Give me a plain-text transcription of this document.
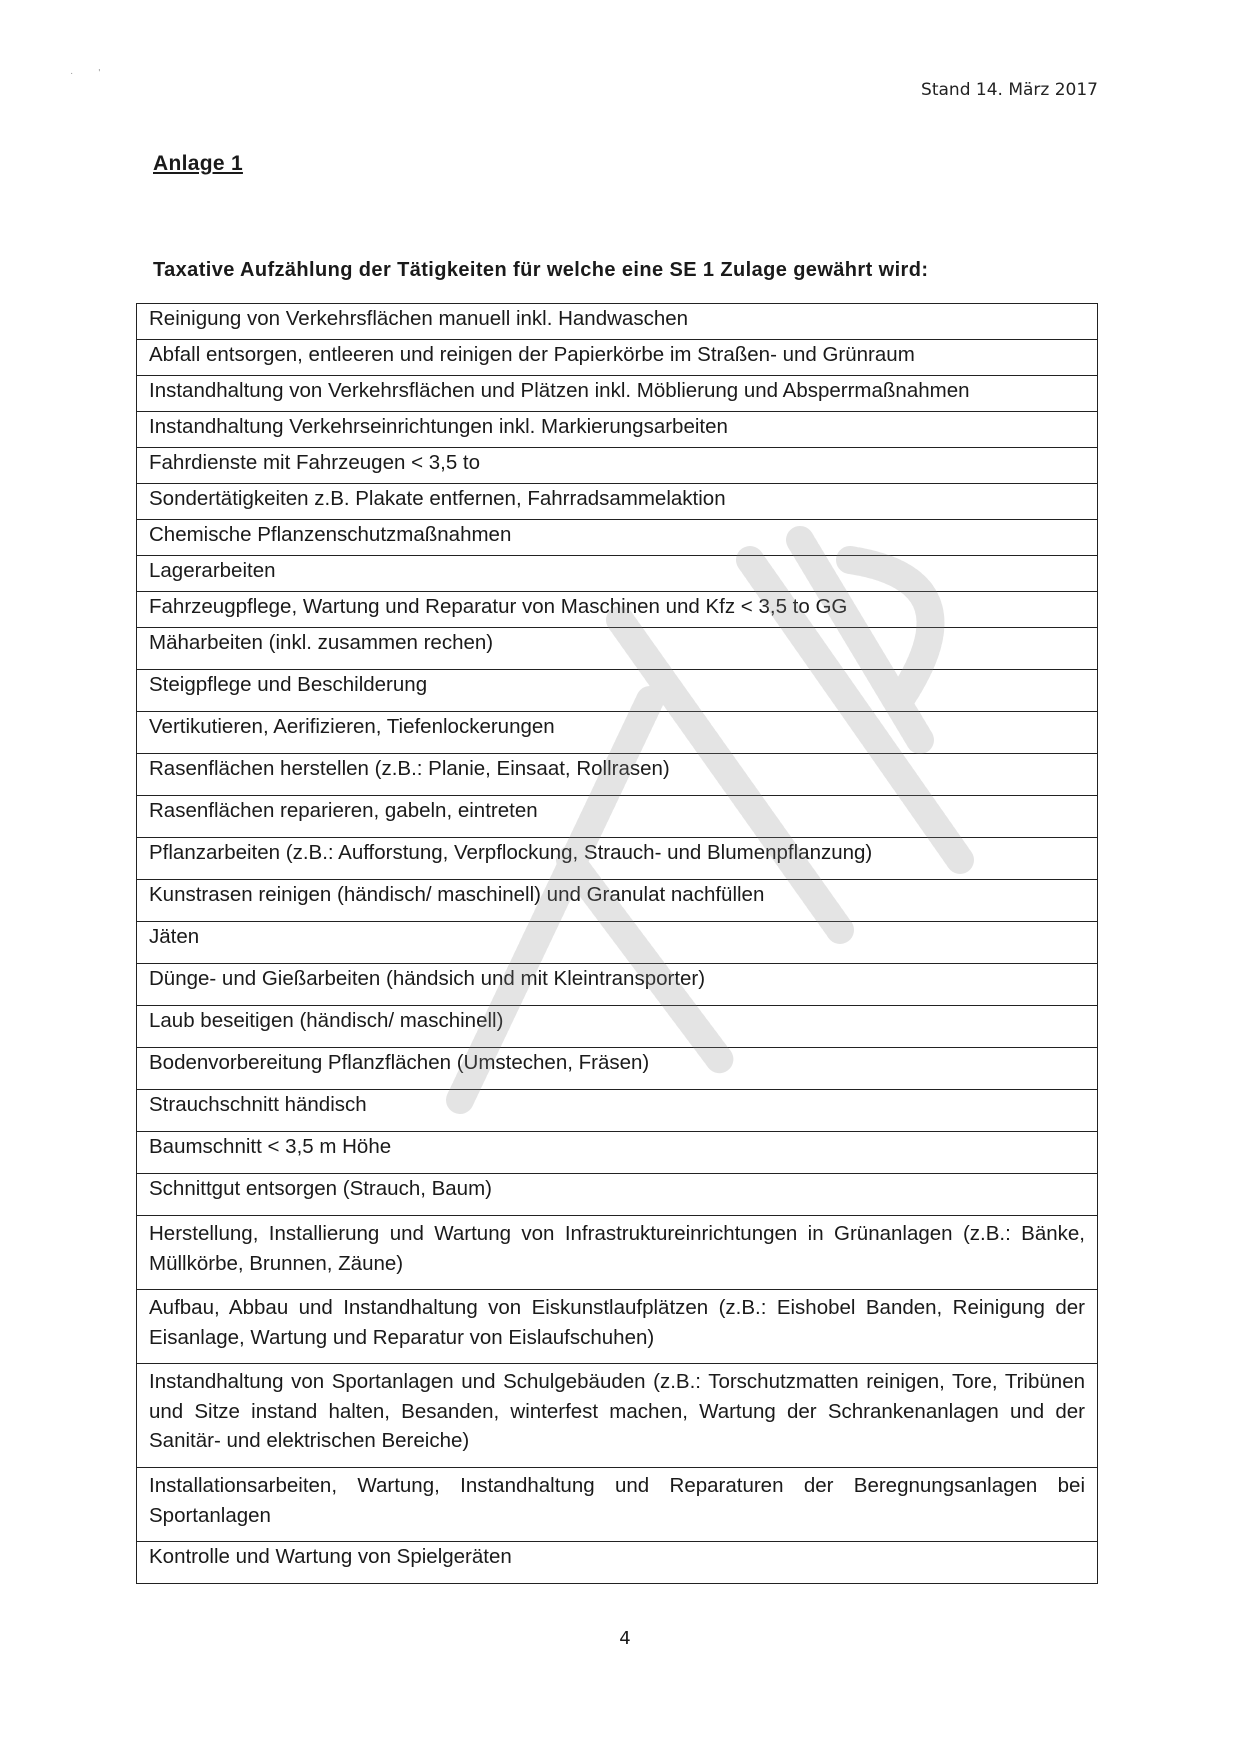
·         '
Stand 14. März 2017
Anlage 1
Taxative Aufzählung der Tätigkeiten für welche eine SE 1 Zulage gewährt wird:
Reinigung von Verkehrsflächen manuell inkl. Handwaschen
Abfall entsorgen, entleeren und reinigen der Papierkörbe im Straßen- und Grünraum
Instandhaltung von Verkehrsflächen und Plätzen inkl. Möblierung und Absperrmaßnahmen
Instandhaltung Verkehrseinrichtungen inkl. Markierungsarbeiten
Fahrdienste mit Fahrzeugen < 3,5 to
Sondertätigkeiten z.B. Plakate entfernen, Fahrradsammelaktion
Chemische Pflanzenschutzmaßnahmen
Lagerarbeiten
Fahrzeugpflege, Wartung und Reparatur von Maschinen und Kfz < 3,5 to GG
Mäharbeiten (inkl. zusammen rechen)
Steigpflege und Beschilderung
Vertikutieren, Aerifizieren, Tiefenlockerungen
Rasenflächen herstellen (z.B.: Planie, Einsaat, Rollrasen)
Rasenflächen reparieren, gabeln, eintreten
Pflanzarbeiten (z.B.: Aufforstung, Verpflockung, Strauch- und Blumenpflanzung)
Kunstrasen reinigen (händisch/ maschinell) und Granulat nachfüllen
Jäten
Dünge- und Gießarbeiten (händsich und mit Kleintransporter)
Laub beseitigen (händisch/ maschinell)
Bodenvorbereitung Pflanzflächen (Umstechen, Fräsen)
Strauchschnitt händisch
Baumschnitt < 3,5 m Höhe
Schnittgut entsorgen (Strauch, Baum)
Herstellung, Installierung und Wartung von Infrastruktureinrichtungen in Grünanlagen (z.B.: Bänke, Müllkörbe, Brunnen, Zäune)
Aufbau, Abbau und Instandhaltung von Eiskunstlaufplätzen (z.B.: Eishobel Banden, Reinigung der Eisanlage, Wartung und Reparatur von Eislaufschuhen)
Instandhaltung von Sportanlagen und Schulgebäuden (z.B.: Torschutzmatten reinigen, Tore, Tribünen und Sitze instand halten, Besanden, winterfest machen, Wartung der Schrankenanlagen und der Sanitär- und elektrischen Bereiche)
Installationsarbeiten, Wartung, Instandhaltung und Reparaturen der Beregnungsanlagen bei Sportanlagen
Kontrolle und Wartung von Spielgeräten
4
